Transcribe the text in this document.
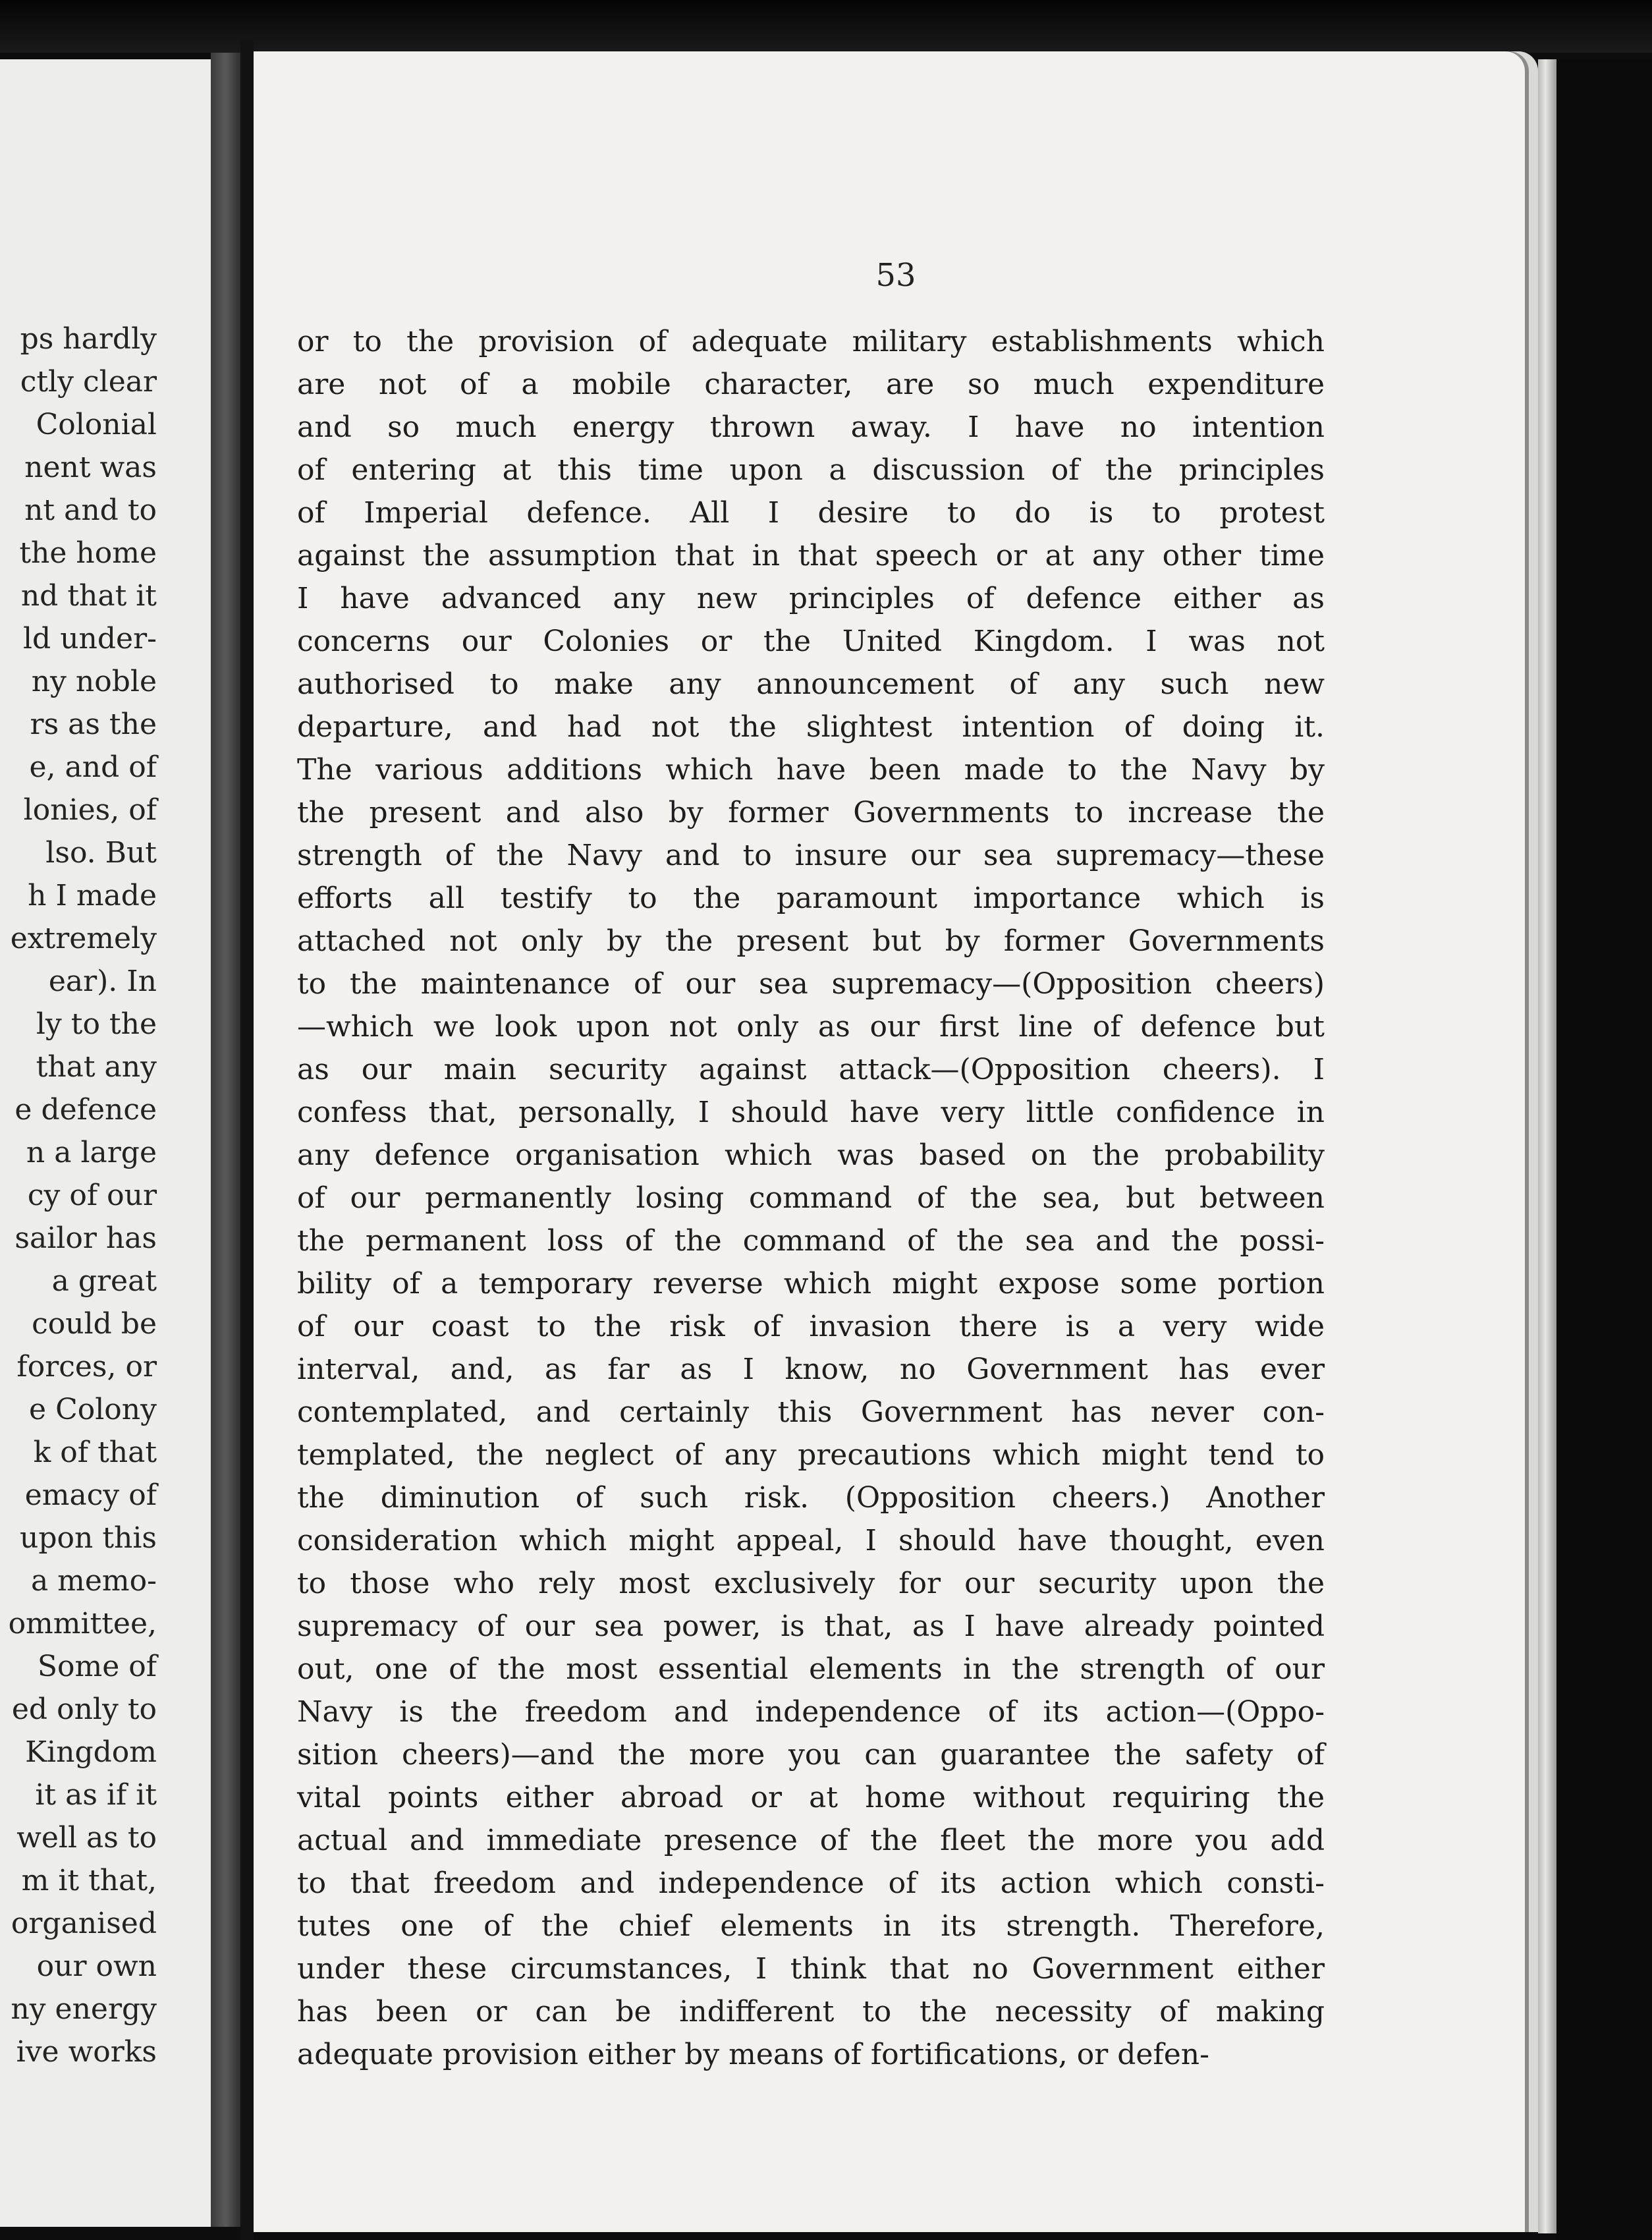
ps hardly
ctly clear
Colonial
nent was
nt and to
the home
nd that it
ld under-
ny noble
rs as the
e, and of
lonies, of
lso. But
h I made
extremely
ear). In
ly to the
that any
e defence
n a large
cy of our
sailor has
a great
could be
forces, or
e Colony
k of that
emacy of
upon this
a memo-
ommittee,
Some of
ed only to
Kingdom
it as if it
well as to
m it that,
organised
our own
ny energy
ive works
53
or to the provision of adequate military establishments which
are not of a mobile character, are so much expenditure
and so much energy thrown away. I have no intention
of entering at this time upon a discussion of the principles
of Imperial defence. All I desire to do is to protest
against the assumption that in that speech or at any other time
I have advanced any new principles of defence either as
concerns our Colonies or the United Kingdom. I was not
authorised to make any announcement of any such new
departure, and had not the slightest intention of doing it.
The various additions which have been made to the Navy by
the present and also by former Governments to increase the
strength of the Navy and to insure our sea supremacy—these
efforts all testify to the paramount importance which is
attached not only by the present but by former Governments
to the maintenance of our sea supremacy—(Opposition cheers)
—which we look upon not only as our first line of defence but
as our main security against attack—(Opposition cheers). I
confess that, personally, I should have very little confidence in
any defence organisation which was based on the probability
of our permanently losing command of the sea, but between
the permanent loss of the command of the sea and the possi-
bility of a temporary reverse which might expose some portion
of our coast to the risk of invasion there is a very wide
interval, and, as far as I know, no Government has ever
contemplated, and certainly this Government has never con-
templated, the neglect of any precautions which might tend to
the diminution of such risk. (Opposition cheers.) Another
consideration which might appeal, I should have thought, even
to those who rely most exclusively for our security upon the
supremacy of our sea power, is that, as I have already pointed
out, one of the most essential elements in the strength of our
Navy is the freedom and independence of its action—(Oppo-
sition cheers)—and the more you can guarantee the safety of
vital points either abroad or at home without requiring the
actual and immediate presence of the fleet the more you add
to that freedom and independence of its action which consti-
tutes one of the chief elements in its strength. Therefore,
under these circumstances, I think that no Government either
has been or can be indifferent to the necessity of making
adequate provision either by means of fortifications, or defen-
